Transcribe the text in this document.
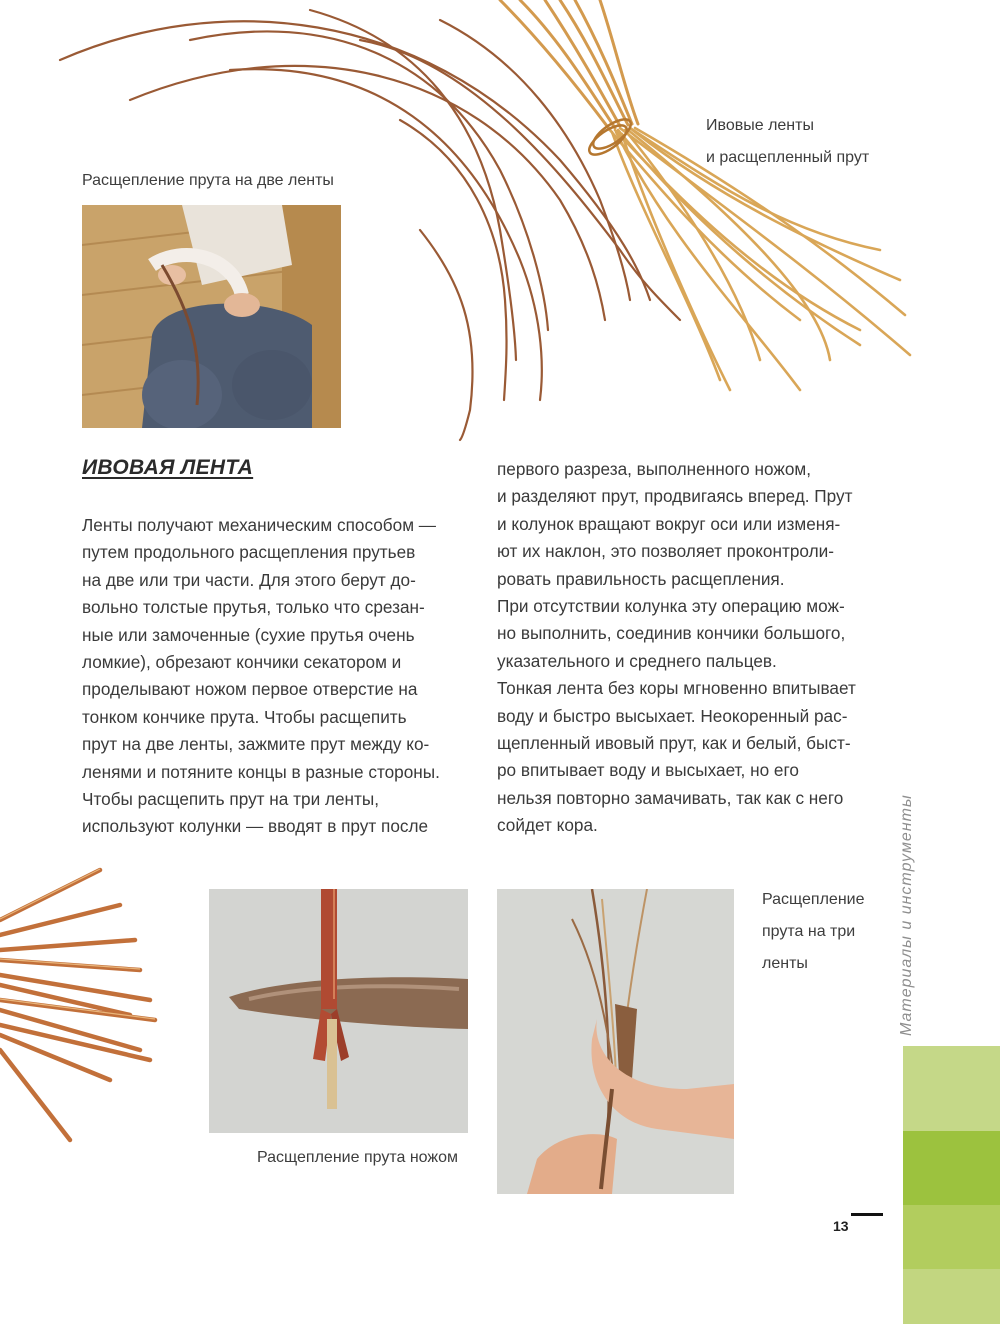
Ивовые ленты
и расщепленный прут
Расщепление прута на две ленты
ИВОВАЯ ЛЕНТА
Ленты получают механическим способом —
путем продольного расщепления прутьев
на две или три части. Для этого берут до-
вольно толстые прутья, только что срезан-
ные или замоченные (сухие прутья очень
ломкие), обрезают кончики секатором и
проделывают ножом первое отверстие на
тонком кончике прута. Чтобы расщепить
прут на две ленты, зажмите прут между ко-
ленями и потяните концы в разные стороны.
Чтобы расщепить прут на три ленты,
используют колунки — вводят в прут после
первого разреза, выполненного ножом,
и разделяют прут, продвигаясь вперед. Прут
и колунок вращают вокруг оси или изменя-
ют их наклон, это позволяет проконтроли-
ровать правильность расщепления.
При отсутствии колунка эту операцию мож-
но выполнить, соединив кончики большого,
указательного и среднего пальцев.
Тонкая лента без коры мгновенно впитывает
воду и быстро высыхает. Неокоренный рас-
щепленный ивовый прут, как и белый, быст-
ро впитывает воду и высыхает, но его
нельзя повторно замачивать, так как с него
сойдет кора.
Расщепление прута ножом
Расщепление
прута на три
ленты	Материалы и инструменты
13
